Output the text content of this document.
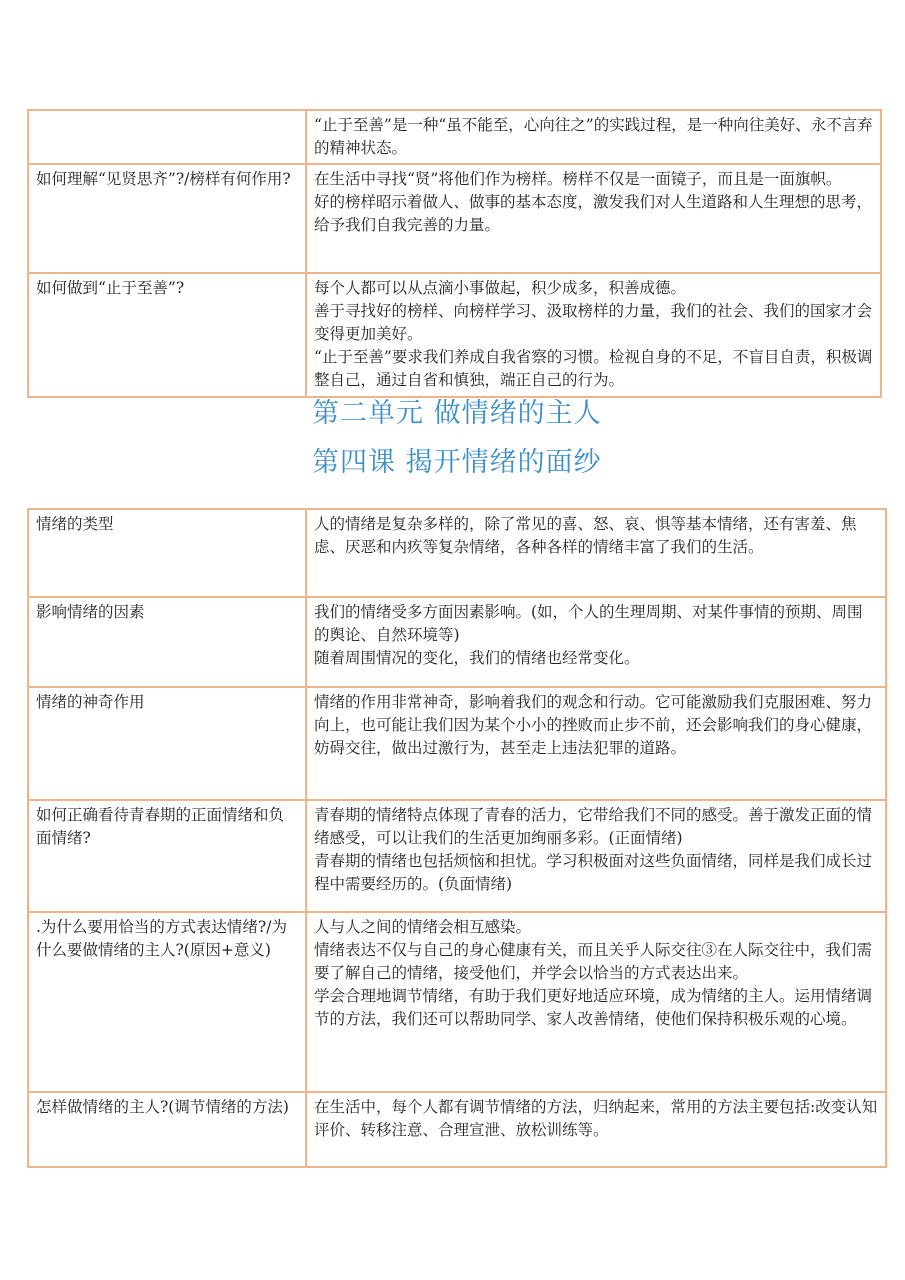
	“止于至善”是一种“虽不能至，心向往之”的实践过程，是一种向往美好、永不言弃的精神状态。

如何理解“见贤思齐”?/榜样有何作用?	在生活中寻找“贤”将他们作为榜样。榜样不仅是一面镜子，而且是一面旗帜。
好的榜样昭示着做人、做事的基本态度，激发我们对人生道路和人生理想的思考，给予我们自我完善的力量。

如何做到“止于至善”?	每个人都可以从点滴小事做起，积少成多，积善成德。
善于寻找好的榜样、向榜样学习、汲取榜样的力量，我们的社会、我们的国家才会变得更加美好。
“止于至善”要求我们养成自我省察的习惯。检视自身的不足，不盲目自责，积极调整自己，通过自省和慎独，端正自己的行为。
第二单元 做情绪的主人
第四课 揭开情绪的面纱
情绪的类型	人的情绪是复杂多样的，除了常见的喜、怒、哀、惧等基本情绪，还有害羞、焦虑、厌恶和内疚等复杂情绪，各种各样的情绪丰富了我们的生活。

影响情绪的因素	我们的情绪受多方面因素影响。(如，个人的生理周期、对某件事情的预期、周围的舆论、自然环境等)
随着周围情况的变化，我们的情绪也经常变化。

情绪的神奇作用	情绪的作用非常神奇，影响着我们的观念和行动。它可能激励我们克服困难、努力向上，也可能让我们因为某个小小的挫败而止步不前，还会影响我们的身心健康，妨碍交往，做出过激行为，甚至走上违法犯罪的道路。

如何正确看待青春期的正面情绪和负面情绪?	青春期的情绪特点体现了青春的活力，它带给我们不同的感受。善于激发正面的情绪感受，可以让我们的生活更加绚丽多彩。(正面情绪)
青春期的情绪也包括烦恼和担忧。学习积极面对这些负面情绪，同样是我们成长过程中需要经历的。(负面情绪)

.为什么要用恰当的方式表达情绪?/为什么要做情绪的主人?(原因+意义)	人与人之间的情绪会相互感染。
情绪表达不仅与自己的身心健康有关，而且关乎人际交往③在人际交往中，我们需要了解自己的情绪，接受他们，并学会以恰当的方式表达出来。
学会合理地调节情绪，有助于我们更好地适应环境，成为情绪的主人。运用情绪调节的方法，我们还可以帮助同学、家人改善情绪，使他们保持积极乐观的心境。

怎样做情绪的主人?(调节情绪的方法)	在生活中，每个人都有调节情绪的方法，归纳起来，常用的方法主要包括:改变认知评价、转移注意、合理宣泄、放松训练等。
